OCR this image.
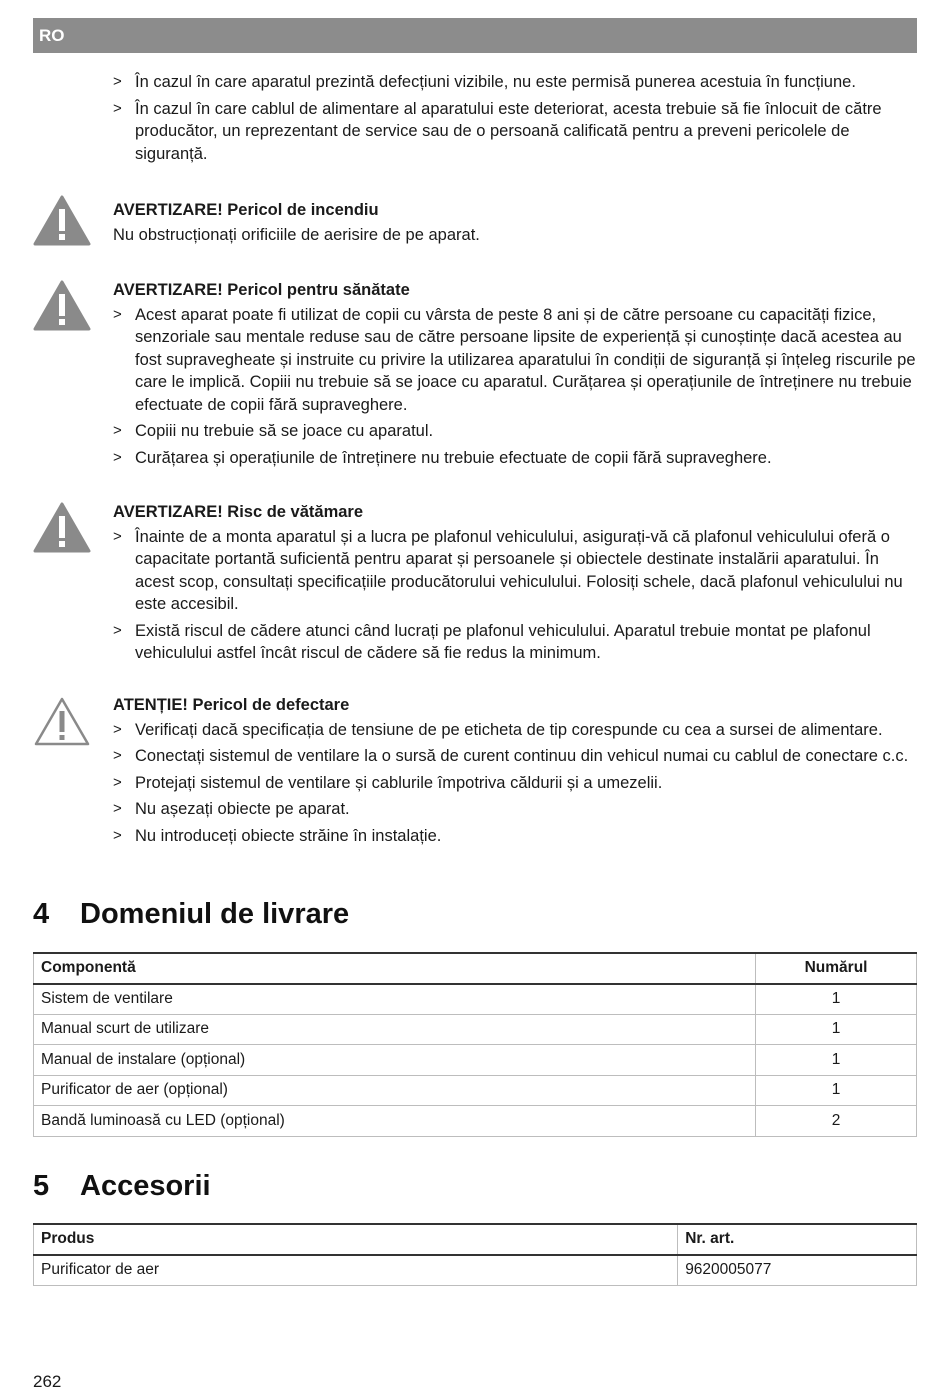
RO
> În cazul în care aparatul prezintă defecțiuni vizibile, nu este permisă punerea acestuia în funcțiune.
> În cazul în care cablul de alimentare al aparatului este deteriorat, acesta trebuie să fie înlocuit de către producător, un reprezentant de service sau de o persoană calificată pentru a preveni pericolele de siguranță.
AVERTIZARE! Pericol de incendiu
Nu obstrucționați orificiile de aerisire de pe aparat.
AVERTIZARE! Pericol pentru sănătate
> Acest aparat poate fi utilizat de copii cu vârsta de peste 8 ani și de către persoane cu capacități fizice, senzoriale sau mentale reduse sau de către persoane lipsite de experiență și cunoștințe dacă acestea au fost supravegheate și instruite cu privire la utilizarea aparatului în condiții de siguranță și înțeleg riscurile pe care le implică. Copiii nu trebuie să se joace cu aparatul. Curățarea și operațiunile de întreținere nu trebuie efectuate de copii fără supraveghere.
> Copiii nu trebuie să se joace cu aparatul.
> Curățarea și operațiunile de întreținere nu trebuie efectuate de copii fără supraveghere.
AVERTIZARE! Risc de vătămare
> Înainte de a monta aparatul și a lucra pe plafonul vehiculului, asigurați-vă că plafonul vehiculului oferă o capacitate portantă suficientă pentru aparat și persoanele și obiectele destinate instalării aparatului. În acest scop, consultați specificațiile producătorului vehiculului. Folosiți schele, dacă plafonul vehiculului nu este accesibil.
> Există riscul de cădere atunci când lucrați pe plafonul vehiculului. Aparatul trebuie montat pe plafonul vehiculului astfel încât riscul de cădere să fie redus la minimum.
ATENȚIE! Pericol de defectare
> Verificați dacă specificația de tensiune de pe eticheta de tip corespunde cu cea a sursei de alimentare.
> Conectați sistemul de ventilare la o sursă de curent continuu din vehicul numai cu cablul de conectare c.c.
> Protejați sistemul de ventilare și cablurile împotriva căldurii și a umezelii.
> Nu așezați obiecte pe aparat.
> Nu introduceți obiecte străine în instalație.
4 Domeniul de livrare
Componentă	Numărul
Sistem de ventilare	1
Manual scurt de utilizare	1
Manual de instalare (opțional)	1
Purificator de aer (opțional)	1
Bandă luminoasă cu LED (opțional)	2
5 Accesorii
Produs	Nr. art.
Purificator de aer	9620005077
262
